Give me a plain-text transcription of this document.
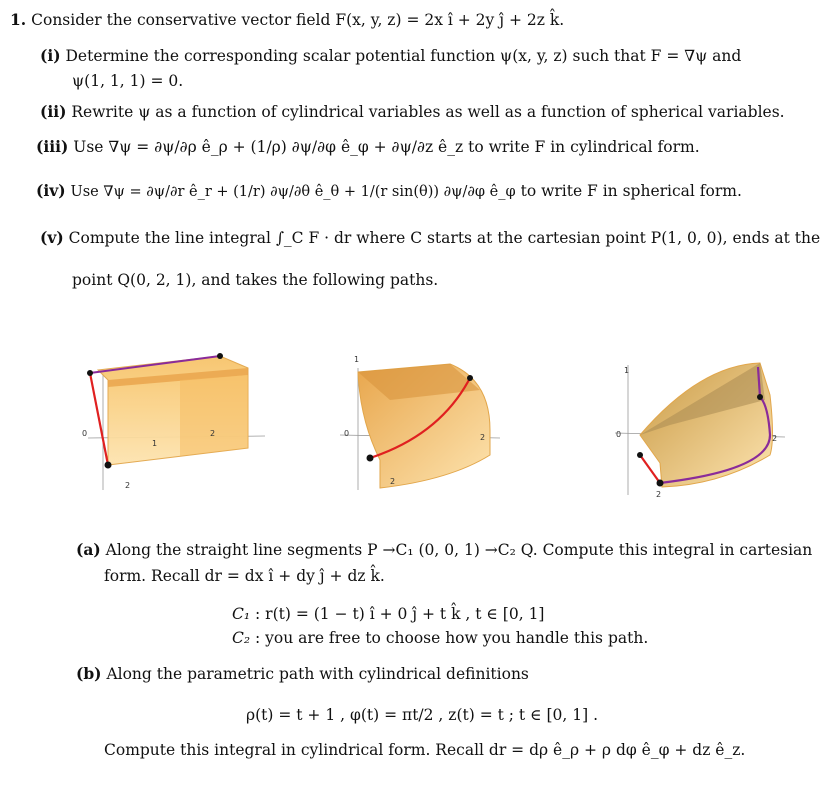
1. Consider the conservative vector field F(x, y, z) = 2x î + 2y ĵ + 2z k̂.
(i) Determine the corresponding scalar potential function ψ(x, y, z) such that F = ∇ψ and
ψ(1, 1, 1) = 0.
(ii) Rewrite ψ as a function of cylindrical variables as well as a function of spherical variables.
(iii) Use ∇ψ = ∂ψ/∂ρ ê_ρ + (1/ρ) ∂ψ/∂φ ê_φ + ∂ψ/∂z ê_z to write F in cylindrical form.
(iv) Use ∇ψ = ∂ψ/∂r ê_r + (1/r) ∂ψ/∂θ ê_θ + 1/(r sin(θ)) ∂ψ/∂φ ê_φ to write F in spherical form.
(v) Compute the line integral ∫_C F · dr where C starts at the cartesian point P(1, 0, 0), ends at the
point Q(0, 2, 1), and takes the following paths.
0
1
2
2
1
0	2
2
1
0	2
2
(a) Along the straight line segments P →C₁ (0, 0, 1) →C₂ Q. Compute this integral in cartesian
form. Recall dr = dx î + dy ĵ + dz k̂.
C₁ : r(t) = (1 − t) î + 0 ĵ + t k̂ , t ∈ [0, 1]
C₂ : you are free to choose how you handle this path.
(b) Along the parametric path with cylindrical definitions
ρ(t) = t + 1 , φ(t) = πt/2 , z(t) = t ; t ∈ [0, 1] .
Compute this integral in cylindrical form. Recall dr = dρ ê_ρ + ρ dφ ê_φ + dz ê_z.
